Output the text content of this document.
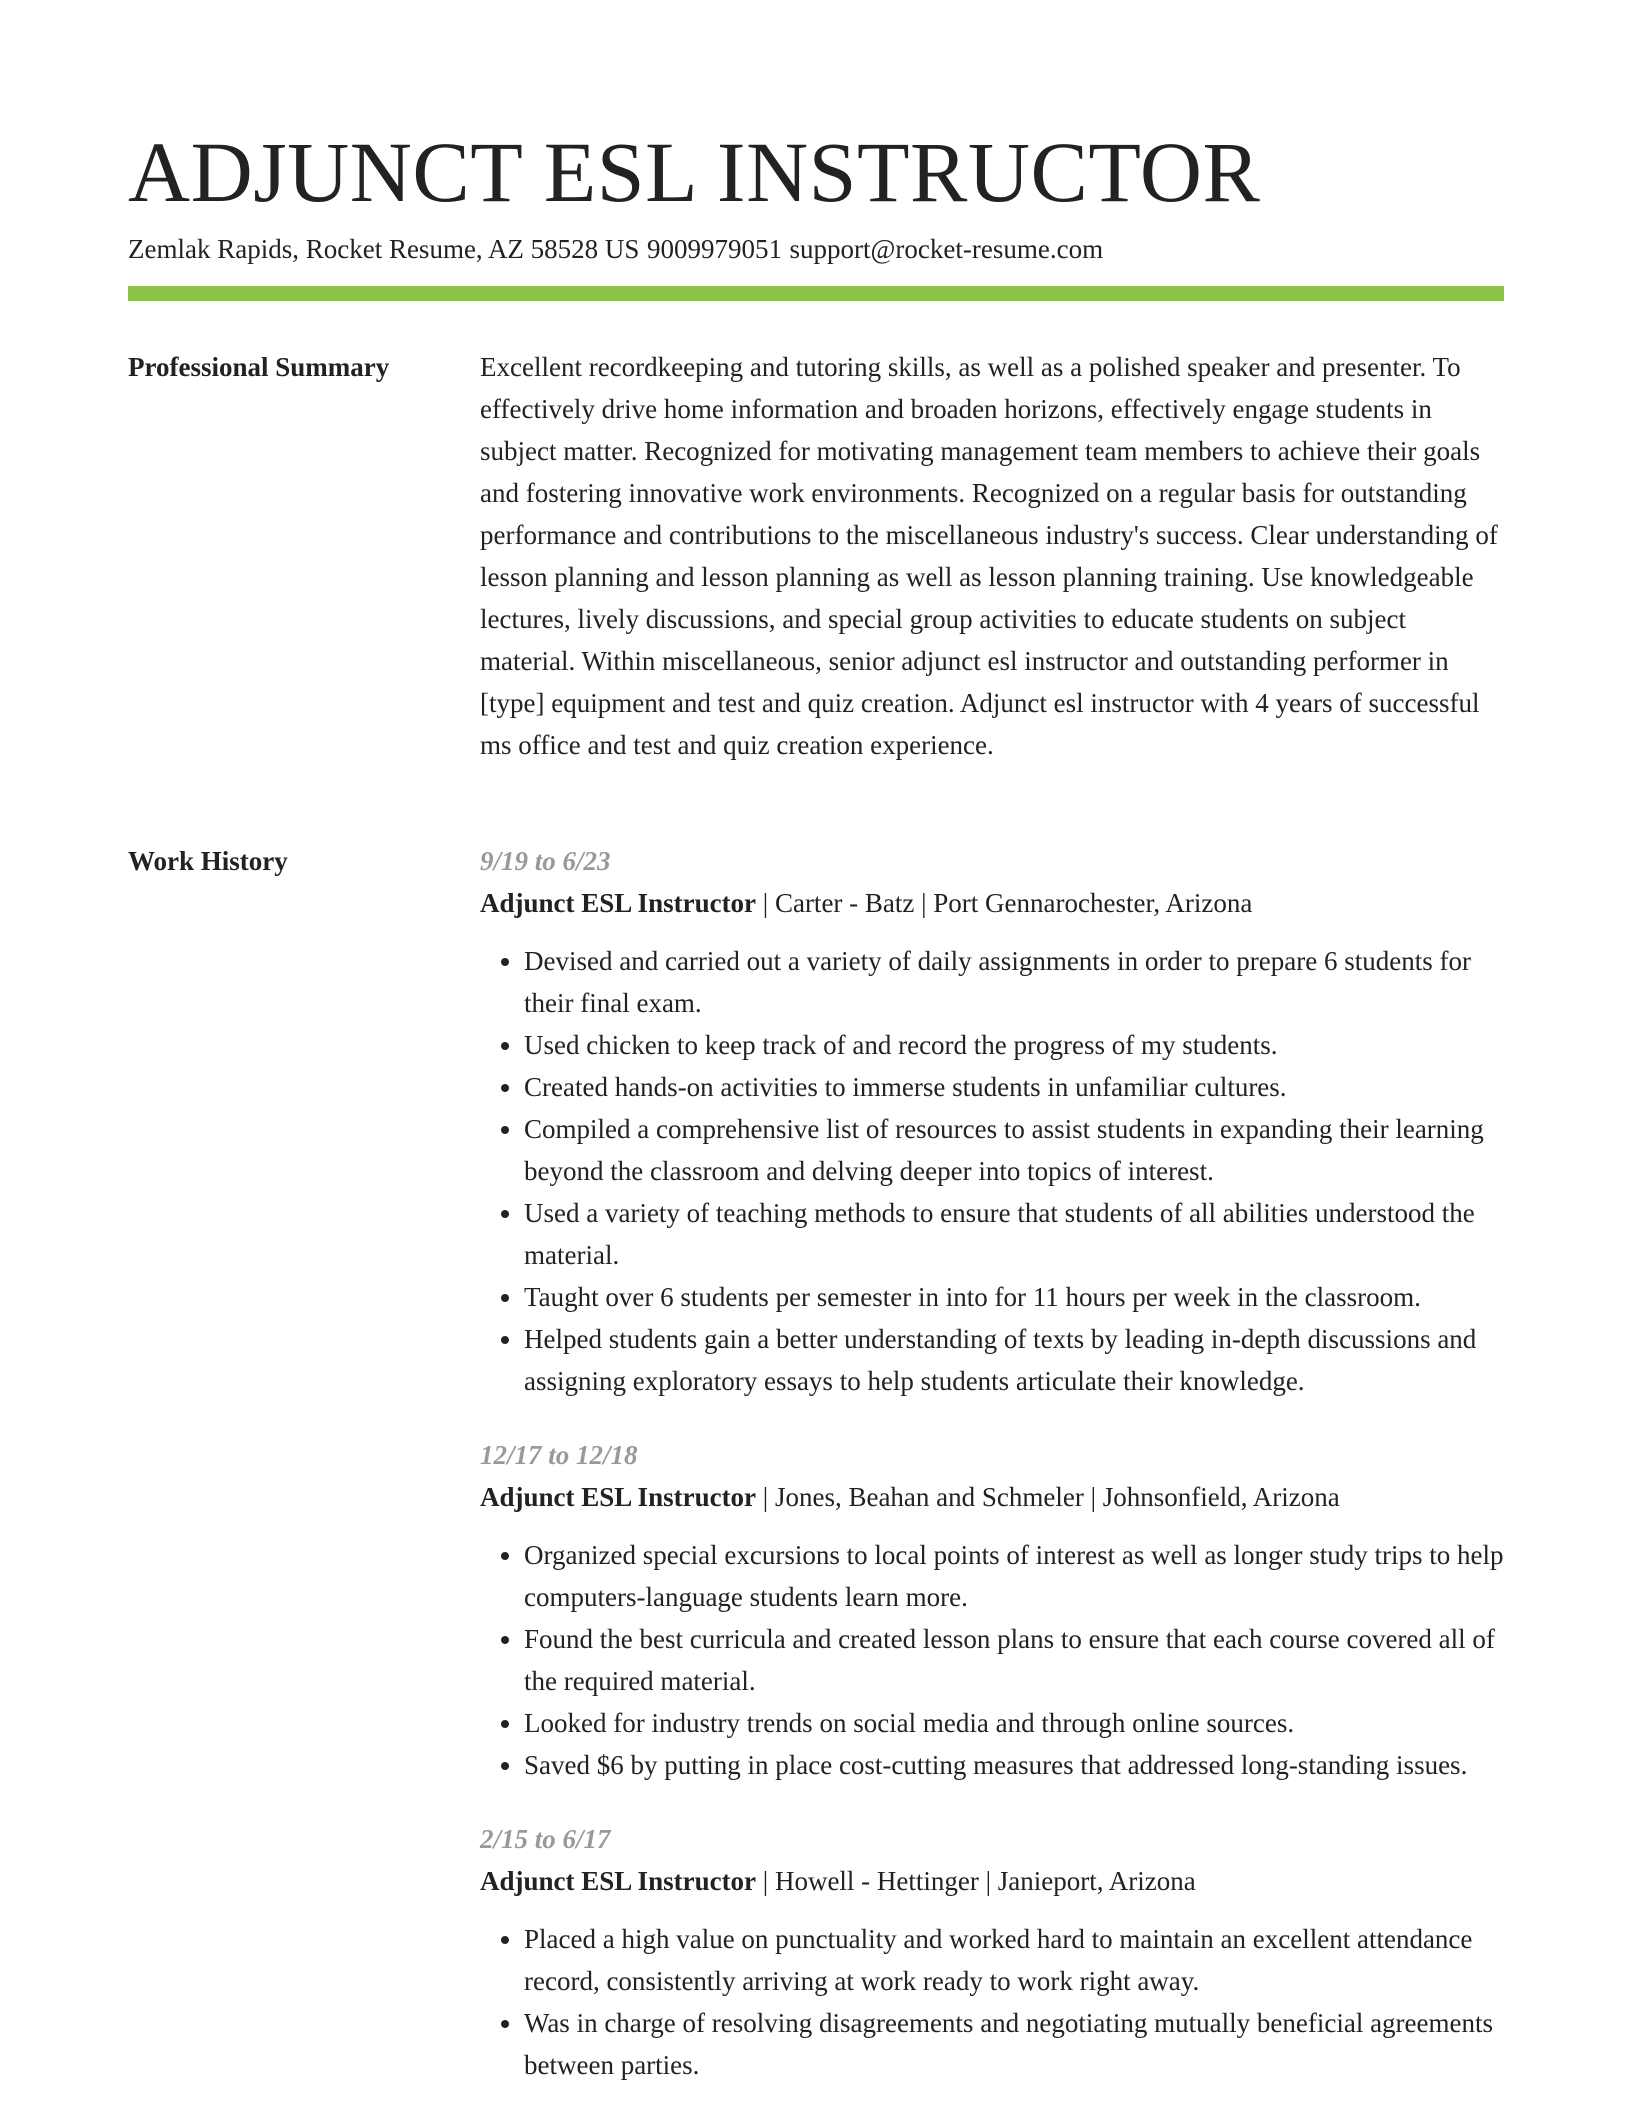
ADJUNCT ESL INSTRUCTOR
Zemlak Rapids, Rocket Resume, AZ 58528 US 9009979051 support@rocket-resume.com
Professional Summary	Excellent recordkeeping and tutoring skills, as well as a polished speaker and presenter. To effectively drive home information and broaden horizons, effectively engage students in subject matter. Recognized for motivating management team members to achieve their goals and fostering innovative work environments. Recognized on a regular basis for outstanding performance and contributions to the miscellaneous industry's success. Clear understanding of lesson planning and lesson planning as well as lesson planning training. Use knowledgeable lectures, lively discussions, and special group activities to educate students on subject material. Within miscellaneous, senior adjunct esl instructor and outstanding performer in [type] equipment and test and quiz creation. Adjunct esl instructor with 4 years of successful ms office and test and quiz creation experience.

Work History	9/19 to 6/23
Adjunct ESL Instructor | Carter - Batz | Port Gennarochester, Arizona
• Devised and carried out a variety of daily assignments in order to prepare 6 students for their final exam.
• Used chicken to keep track of and record the progress of my students.
• Created hands-on activities to immerse students in unfamiliar cultures.
• Compiled a comprehensive list of resources to assist students in expanding their learning beyond the classroom and delving deeper into topics of interest.
• Used a variety of teaching methods to ensure that students of all abilities understood the material.
• Taught over 6 students per semester in into for 11 hours per week in the classroom.
• Helped students gain a better understanding of texts by leading in-depth discussions and assigning exploratory essays to help students articulate their knowledge.
12/17 to 12/18
Adjunct ESL Instructor | Jones, Beahan and Schmeler | Johnsonfield, Arizona
• Organized special excursions to local points of interest as well as longer study trips to help computers-language students learn more.
• Found the best curricula and created lesson plans to ensure that each course covered all of the required material.
• Looked for industry trends on social media and through online sources.
• Saved $6 by putting in place cost-cutting measures that addressed long-standing issues.
2/15 to 6/17
Adjunct ESL Instructor | Howell - Hettinger | Janieport, Arizona
• Placed a high value on punctuality and worked hard to maintain an excellent attendance record, consistently arriving at work ready to work right away.
• Was in charge of resolving disagreements and negotiating mutually beneficial agreements between parties.
